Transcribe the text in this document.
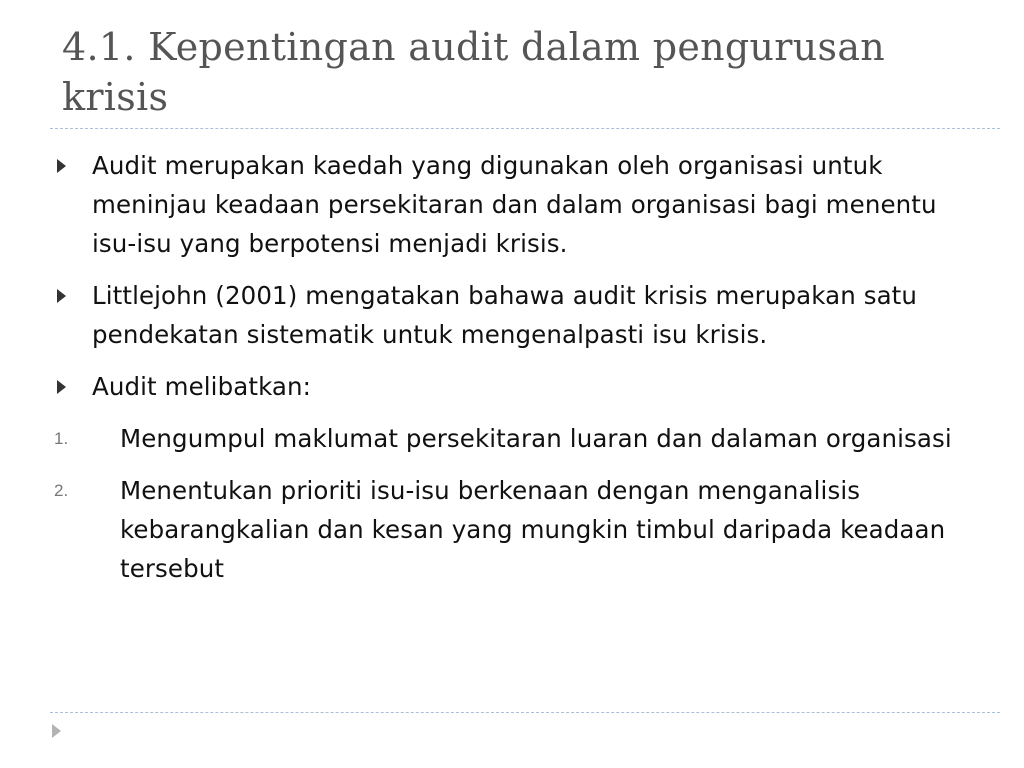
4.1. Kepentingan audit dalam pengurusan krisis
Audit merupakan kaedah yang digunakan oleh organisasi untuk meninjau keadaan persekitaran dan dalam organisasi bagi menentu isu-isu yang berpotensi menjadi krisis.
Littlejohn (2001) mengatakan bahawa audit krisis merupakan satu pendekatan sistematik untuk mengenalpasti isu krisis.
Audit melibatkan:
1. Mengumpul maklumat persekitaran luaran dan dalaman organisasi
2. Menentukan prioriti isu-isu berkenaan dengan menganalisis kebarangkalian dan kesan yang mungkin timbul daripada keadaan tersebut
